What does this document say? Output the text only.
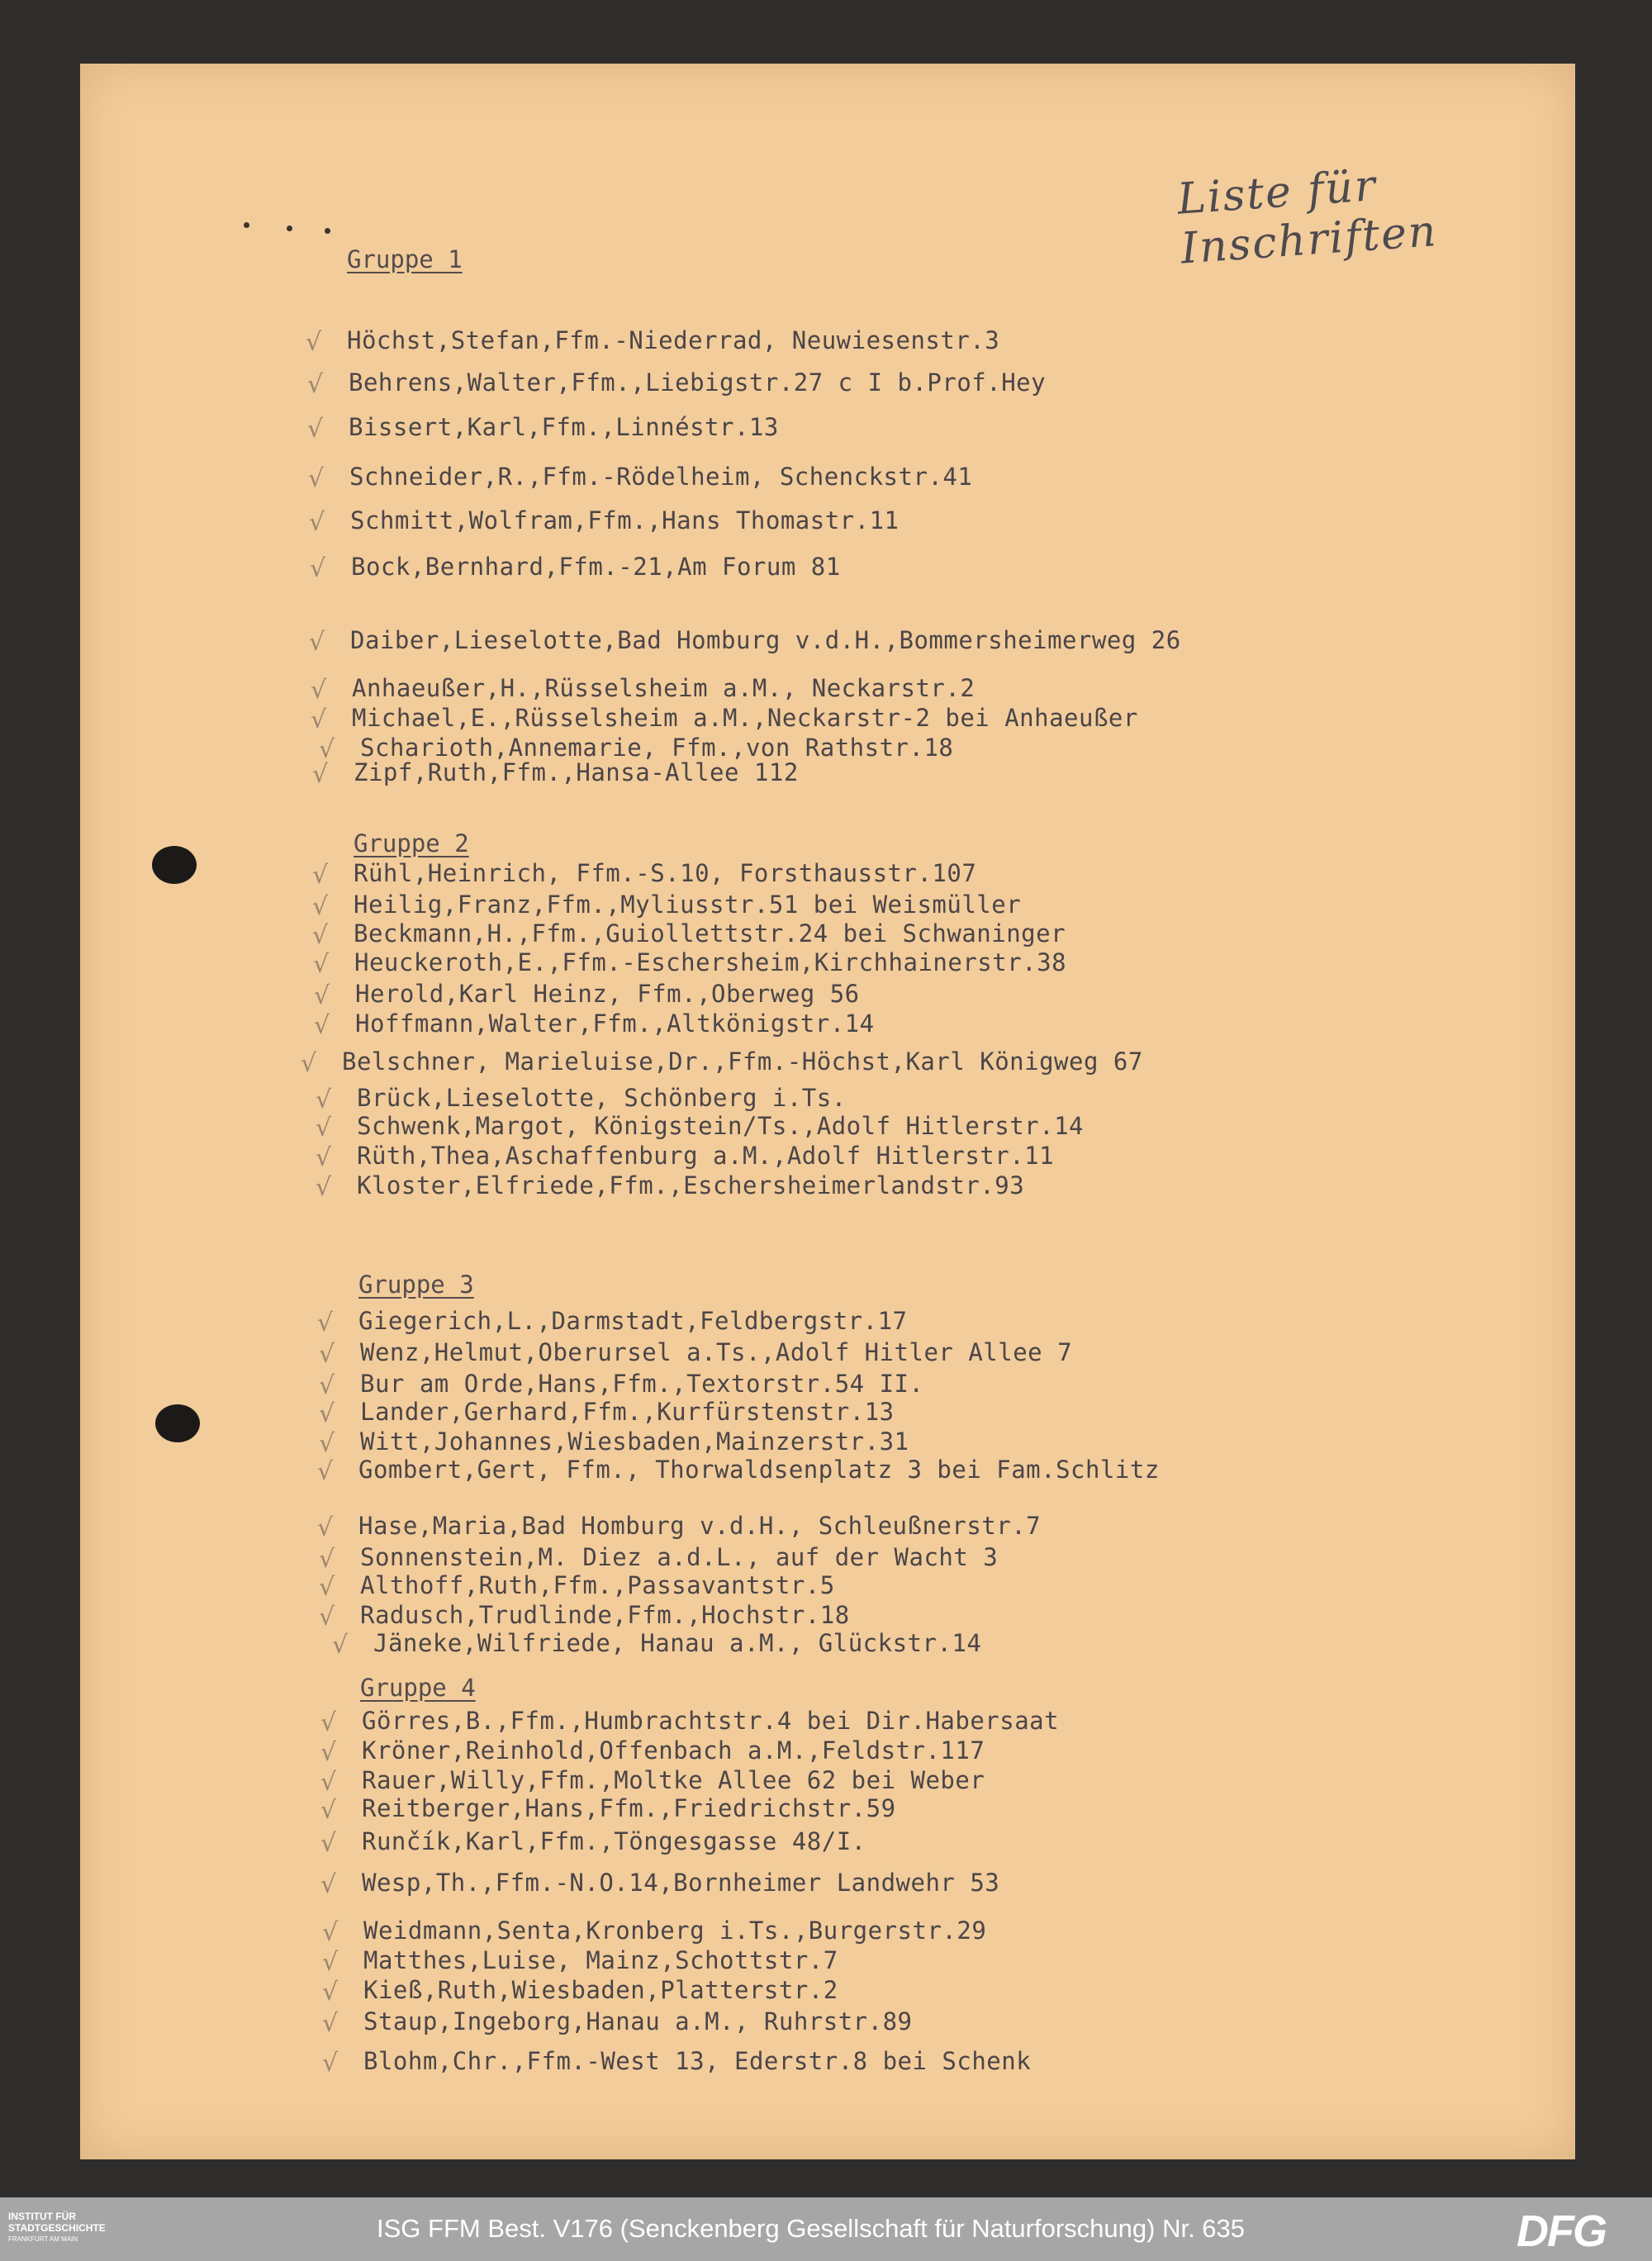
Liste für Inschriften
Gruppe 1
√ Höchst,Stefan,Ffm.-Niederrad, Neuwiesenstr.3
√ Behrens,Walter,Ffm.,Liebigstr.27 c I b.Prof.Hey
√ Bissert,Karl,Ffm.,Linnéstr.13
√ Schneider,R.,Ffm.-Rödelheim, Schenckstr.41
√ Schmitt,Wolfram,Ffm.,Hans Thomastr.11
√ Bock,Bernhard,Ffm.-21,Am Forum 81
√ Daiber,Lieselotte,Bad Homburg v.d.H.,Bommersheimerweg 26
√ Anhaeußer,H.,Rüsselsheim a.M., Neckarstr.2
√ Michael,E.,Rüsselsheim a.M.,Neckarstr-2 bei Anhaeußer
√ Scharioth,Annemarie, Ffm.,von Rathstr.18
√ Zipf,Ruth,Ffm.,Hansa-Allee 112
Gruppe 2
√ Rühl,Heinrich, Ffm.-S.10, Forsthausstr.107
√ Heilig,Franz,Ffm.,Myliusstr.51 bei Weismüller
√ Beckmann,H.,Ffm.,Guiollettstr.24 bei Schwaninger
√ Heuckeroth,E.,Ffm.-Eschersheim,Kirchhainerstr.38
√ Herold,Karl Heinz, Ffm.,Oberweg 56
√ Hoffmann,Walter,Ffm.,Altkönigstr.14
√ Belschner, Marieluise,Dr.,Ffm.-Höchst,Karl Königweg 67
√ Brück,Lieselotte, Schönberg i.Ts.
√ Schwenk,Margot, Königstein/Ts.,Adolf Hitlerstr.14
√ Rüth,Thea,Aschaffenburg a.M.,Adolf Hitlerstr.11
√ Kloster,Elfriede,Ffm.,Eschersheimerlandstr.93
Gruppe 3
√ Giegerich,L.,Darmstadt,Feldbergstr.17
√ Wenz,Helmut,Oberursel a.Ts.,Adolf Hitler Allee 7
√ Bur am Orde,Hans,Ffm.,Textorstr.54 II.
√ Lander,Gerhard,Ffm.,Kurfürstenstr.13
√ Witt,Johannes,Wiesbaden,Mainzerstr.31
√ Gombert,Gert, Ffm., Thorwaldsenplatz 3 bei Fam.Schlitz
√ Hase,Maria,Bad Homburg v.d.H., Schleußnerstr.7
√ Sonnenstein,M. Diez a.d.L., auf der Wacht 3
√ Althoff,Ruth,Ffm.,Passavantstr.5
√ Radusch,Trudlinde,Ffm.,Hochstr.18
√ Jäneke,Wilfriede, Hanau a.M., Glückstr.14
Gruppe 4
√ Görres,B.,Ffm.,Humbrachtstr.4 bei Dir.Habersaat
√ Kröner,Reinhold,Offenbach a.M.,Feldstr.117
√ Rauer,Willy,Ffm.,Moltke Allee 62 bei Weber
√ Reitberger,Hans,Ffm.,Friedrichstr.59
√ Runčík,Karl,Ffm.,Töngesgasse 48/I.
√ Wesp,Th.,Ffm.-N.O.14,Bornheimer Landwehr 53
√ Weidmann,Senta,Kronberg i.Ts.,Burgerstr.29
√ Matthes,Luise, Mainz,Schottstr.7
√ Kieß,Ruth,Wiesbaden,Platterstr.2
√ Staup,Ingeborg,Hanau a.M., Ruhrstr.89
√ Blohm,Chr.,Ffm.-West 13, Ederstr.8 bei Schenk
INSTITUT FÜR
STADTGESCHICHTE

FRANKFURT AM MAIN	ISG FFM Best. V176 (Senckenberg Gesellschaft für Naturforschung) Nr. 635	DFG
